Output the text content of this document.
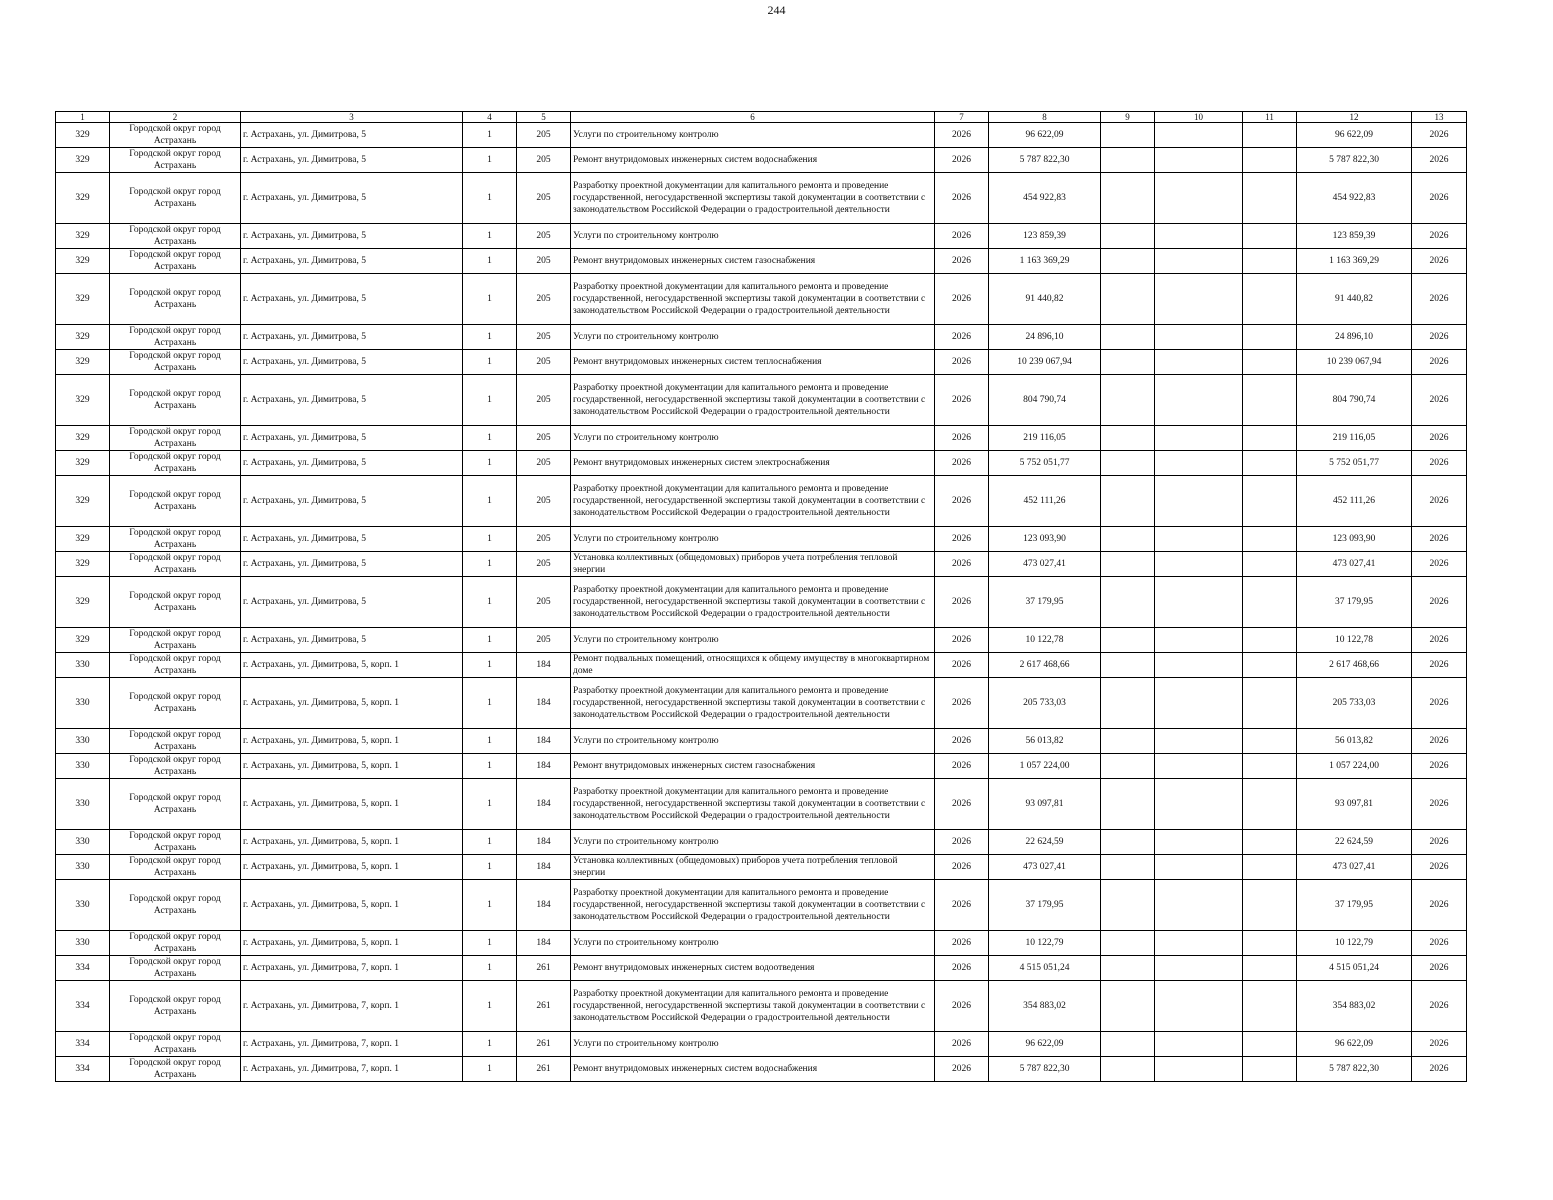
244
1	2	3	4	5	6	7	8	9	10	11	12	13
329	Городской округ город Астрахань	г. Астрахань, ул. Димитрова, 5	1	205	Услуги по строительному контролю	2026	96 622,09				96 622,09	2026
329	Городской округ город Астрахань	г. Астрахань, ул. Димитрова, 5	1	205	Ремонт внутридомовых инженерных систем водоснабжения	2026	5 787 822,30				5 787 822,30	2026
329	Городской округ город Астрахань	г. Астрахань, ул. Димитрова, 5	1	205	Разработку проектной документации для капитального ремонта и проведение государственной, негосударственной экспертизы такой документации в соответствии с законодательством Российской Федерации о градостроительной деятельности	2026	454 922,83				454 922,83	2026
329	Городской округ город Астрахань	г. Астрахань, ул. Димитрова, 5	1	205	Услуги по строительному контролю	2026	123 859,39				123 859,39	2026
329	Городской округ город Астрахань	г. Астрахань, ул. Димитрова, 5	1	205	Ремонт внутридомовых инженерных систем газоснабжения	2026	1 163 369,29				1 163 369,29	2026
329	Городской округ город Астрахань	г. Астрахань, ул. Димитрова, 5	1	205	Разработку проектной документации для капитального ремонта и проведение государственной, негосударственной экспертизы такой документации в соответствии с законодательством Российской Федерации о градостроительной деятельности	2026	91 440,82				91 440,82	2026
329	Городской округ город Астрахань	г. Астрахань, ул. Димитрова, 5	1	205	Услуги по строительному контролю	2026	24 896,10				24 896,10	2026
329	Городской округ город Астрахань	г. Астрахань, ул. Димитрова, 5	1	205	Ремонт внутридомовых инженерных систем теплоснабжения	2026	10 239 067,94				10 239 067,94	2026
329	Городской округ город Астрахань	г. Астрахань, ул. Димитрова, 5	1	205	Разработку проектной документации для капитального ремонта и проведение государственной, негосударственной экспертизы такой документации в соответствии с законодательством Российской Федерации о градостроительной деятельности	2026	804 790,74				804 790,74	2026
329	Городской округ город Астрахань	г. Астрахань, ул. Димитрова, 5	1	205	Услуги по строительному контролю	2026	219 116,05				219 116,05	2026
329	Городской округ город Астрахань	г. Астрахань, ул. Димитрова, 5	1	205	Ремонт внутридомовых инженерных систем электроснабжения	2026	5 752 051,77				5 752 051,77	2026
329	Городской округ город Астрахань	г. Астрахань, ул. Димитрова, 5	1	205	Разработку проектной документации для капитального ремонта и проведение государственной, негосударственной экспертизы такой документации в соответствии с законодательством Российской Федерации о градостроительной деятельности	2026	452 111,26				452 111,26	2026
329	Городской округ город Астрахань	г. Астрахань, ул. Димитрова, 5	1	205	Услуги по строительному контролю	2026	123 093,90				123 093,90	2026
329	Городской округ город Астрахань	г. Астрахань, ул. Димитрова, 5	1	205	Установка коллективных (общедомовых) приборов учета потребления тепловой энергии	2026	473 027,41				473 027,41	2026
329	Городской округ город Астрахань	г. Астрахань, ул. Димитрова, 5	1	205	Разработку проектной документации для капитального ремонта и проведение государственной, негосударственной экспертизы такой документации в соответствии с законодательством Российской Федерации о градостроительной деятельности	2026	37 179,95				37 179,95	2026
329	Городской округ город Астрахань	г. Астрахань, ул. Димитрова, 5	1	205	Услуги по строительному контролю	2026	10 122,78				10 122,78	2026
330	Городской округ город Астрахань	г. Астрахань, ул. Димитрова, 5, корп. 1	1	184	Ремонт подвальных помещений, относящихся к общему имуществу в многоквартирном доме	2026	2 617 468,66				2 617 468,66	2026
330	Городской округ город Астрахань	г. Астрахань, ул. Димитрова, 5, корп. 1	1	184	Разработку проектной документации для капитального ремонта и проведение государственной, негосударственной экспертизы такой документации в соответствии с законодательством Российской Федерации о градостроительной деятельности	2026	205 733,03				205 733,03	2026
330	Городской округ город Астрахань	г. Астрахань, ул. Димитрова, 5, корп. 1	1	184	Услуги по строительному контролю	2026	56 013,82				56 013,82	2026
330	Городской округ город Астрахань	г. Астрахань, ул. Димитрова, 5, корп. 1	1	184	Ремонт внутридомовых инженерных систем газоснабжения	2026	1 057 224,00				1 057 224,00	2026
330	Городской округ город Астрахань	г. Астрахань, ул. Димитрова, 5, корп. 1	1	184	Разработку проектной документации для капитального ремонта и проведение государственной, негосударственной экспертизы такой документации в соответствии с законодательством Российской Федерации о градостроительной деятельности	2026	93 097,81				93 097,81	2026
330	Городской округ город Астрахань	г. Астрахань, ул. Димитрова, 5, корп. 1	1	184	Услуги по строительному контролю	2026	22 624,59				22 624,59	2026
330	Городской округ город Астрахань	г. Астрахань, ул. Димитрова, 5, корп. 1	1	184	Установка коллективных (общедомовых) приборов учета потребления тепловой энергии	2026	473 027,41				473 027,41	2026
330	Городской округ город Астрахань	г. Астрахань, ул. Димитрова, 5, корп. 1	1	184	Разработку проектной документации для капитального ремонта и проведение государственной, негосударственной экспертизы такой документации в соответствии с законодательством Российской Федерации о градостроительной деятельности	2026	37 179,95				37 179,95	2026
330	Городской округ город Астрахань	г. Астрахань, ул. Димитрова, 5, корп. 1	1	184	Услуги по строительному контролю	2026	10 122,79				10 122,79	2026
334	Городской округ город Астрахань	г. Астрахань, ул. Димитрова, 7, корп. 1	1	261	Ремонт внутридомовых инженерных систем водоотведения	2026	4 515 051,24				4 515 051,24	2026
334	Городской округ город Астрахань	г. Астрахань, ул. Димитрова, 7, корп. 1	1	261	Разработку проектной документации для капитального ремонта и проведение государственной, негосударственной экспертизы такой документации в соответствии с законодательством Российской Федерации о градостроительной деятельности	2026	354 883,02				354 883,02	2026
334	Городской округ город Астрахань	г. Астрахань, ул. Димитрова, 7, корп. 1	1	261	Услуги по строительному контролю	2026	96 622,09				96 622,09	2026
334	Городской округ город Астрахань	г. Астрахань, ул. Димитрова, 7, корп. 1	1	261	Ремонт внутридомовых инженерных систем водоснабжения	2026	5 787 822,30				5 787 822,30	2026
